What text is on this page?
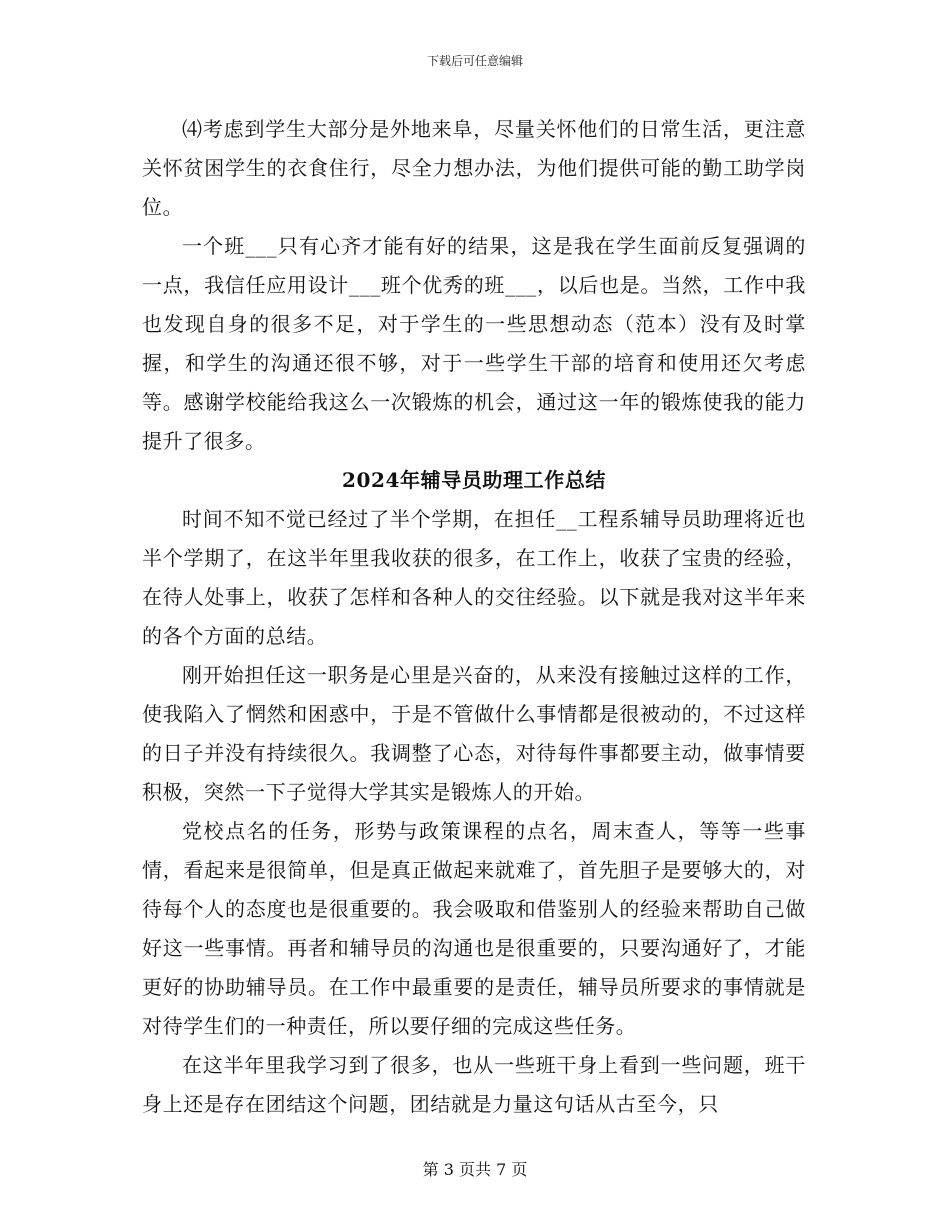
下载后可任意编辑

⑷考虑到学生大部分是外地来阜，尽量关怀他们的日常生活，更注意关怀贫困学生的衣食住行，尽全力想办法，为他们提供可能的勤工助学岗位。

一个班___只有心齐才能有好的结果，这是我在学生面前反复强调的一点，我信任应用设计___班个优秀的班___，以后也是。当然，工作中我也发现自身的很多不足，对于学生的一些思想动态（范本）没有及时掌握，和学生的沟通还很不够，对于一些学生干部的培育和使用还欠考虑等。感谢学校能给我这么一次锻炼的机会，通过这一年的锻炼使我的能力提升了很多。

2024年辅导员助理工作总结

时间不知不觉已经过了半个学期，在担任__工程系辅导员助理将近也半个学期了，在这半年里我收获的很多，在工作上，收获了宝贵的经验，在待人处事上，收获了怎样和各种人的交往经验。以下就是我对这半年来的各个方面的总结。

刚开始担任这一职务是心里是兴奋的，从来没有接触过这样的工作，使我陷入了惘然和困惑中，于是不管做什么事情都是很被动的，不过这样的日子并没有持续很久。我调整了心态，对待每件事都要主动，做事情要积极，突然一下子觉得大学其实是锻炼人的开始。

党校点名的任务，形势与政策课程的点名，周末查人，等等一些事情，看起来是很简单，但是真正做起来就难了，首先胆子是要够大的，对待每个人的态度也是很重要的。我会吸取和借鉴别人的经验来帮助自己做好这一些事情。再者和辅导员的沟通也是很重要的，只要沟通好了，才能更好的协助辅导员。在工作中最重要的是责任，辅导员所要求的事情就是对待学生们的一种责任，所以要仔细的完成这些任务。

在这半年里我学习到了很多，也从一些班干身上看到一些问题，班干身上还是存在团结这个问题，团结就是力量这句话从古至今，只

第 3 页共 7 页
